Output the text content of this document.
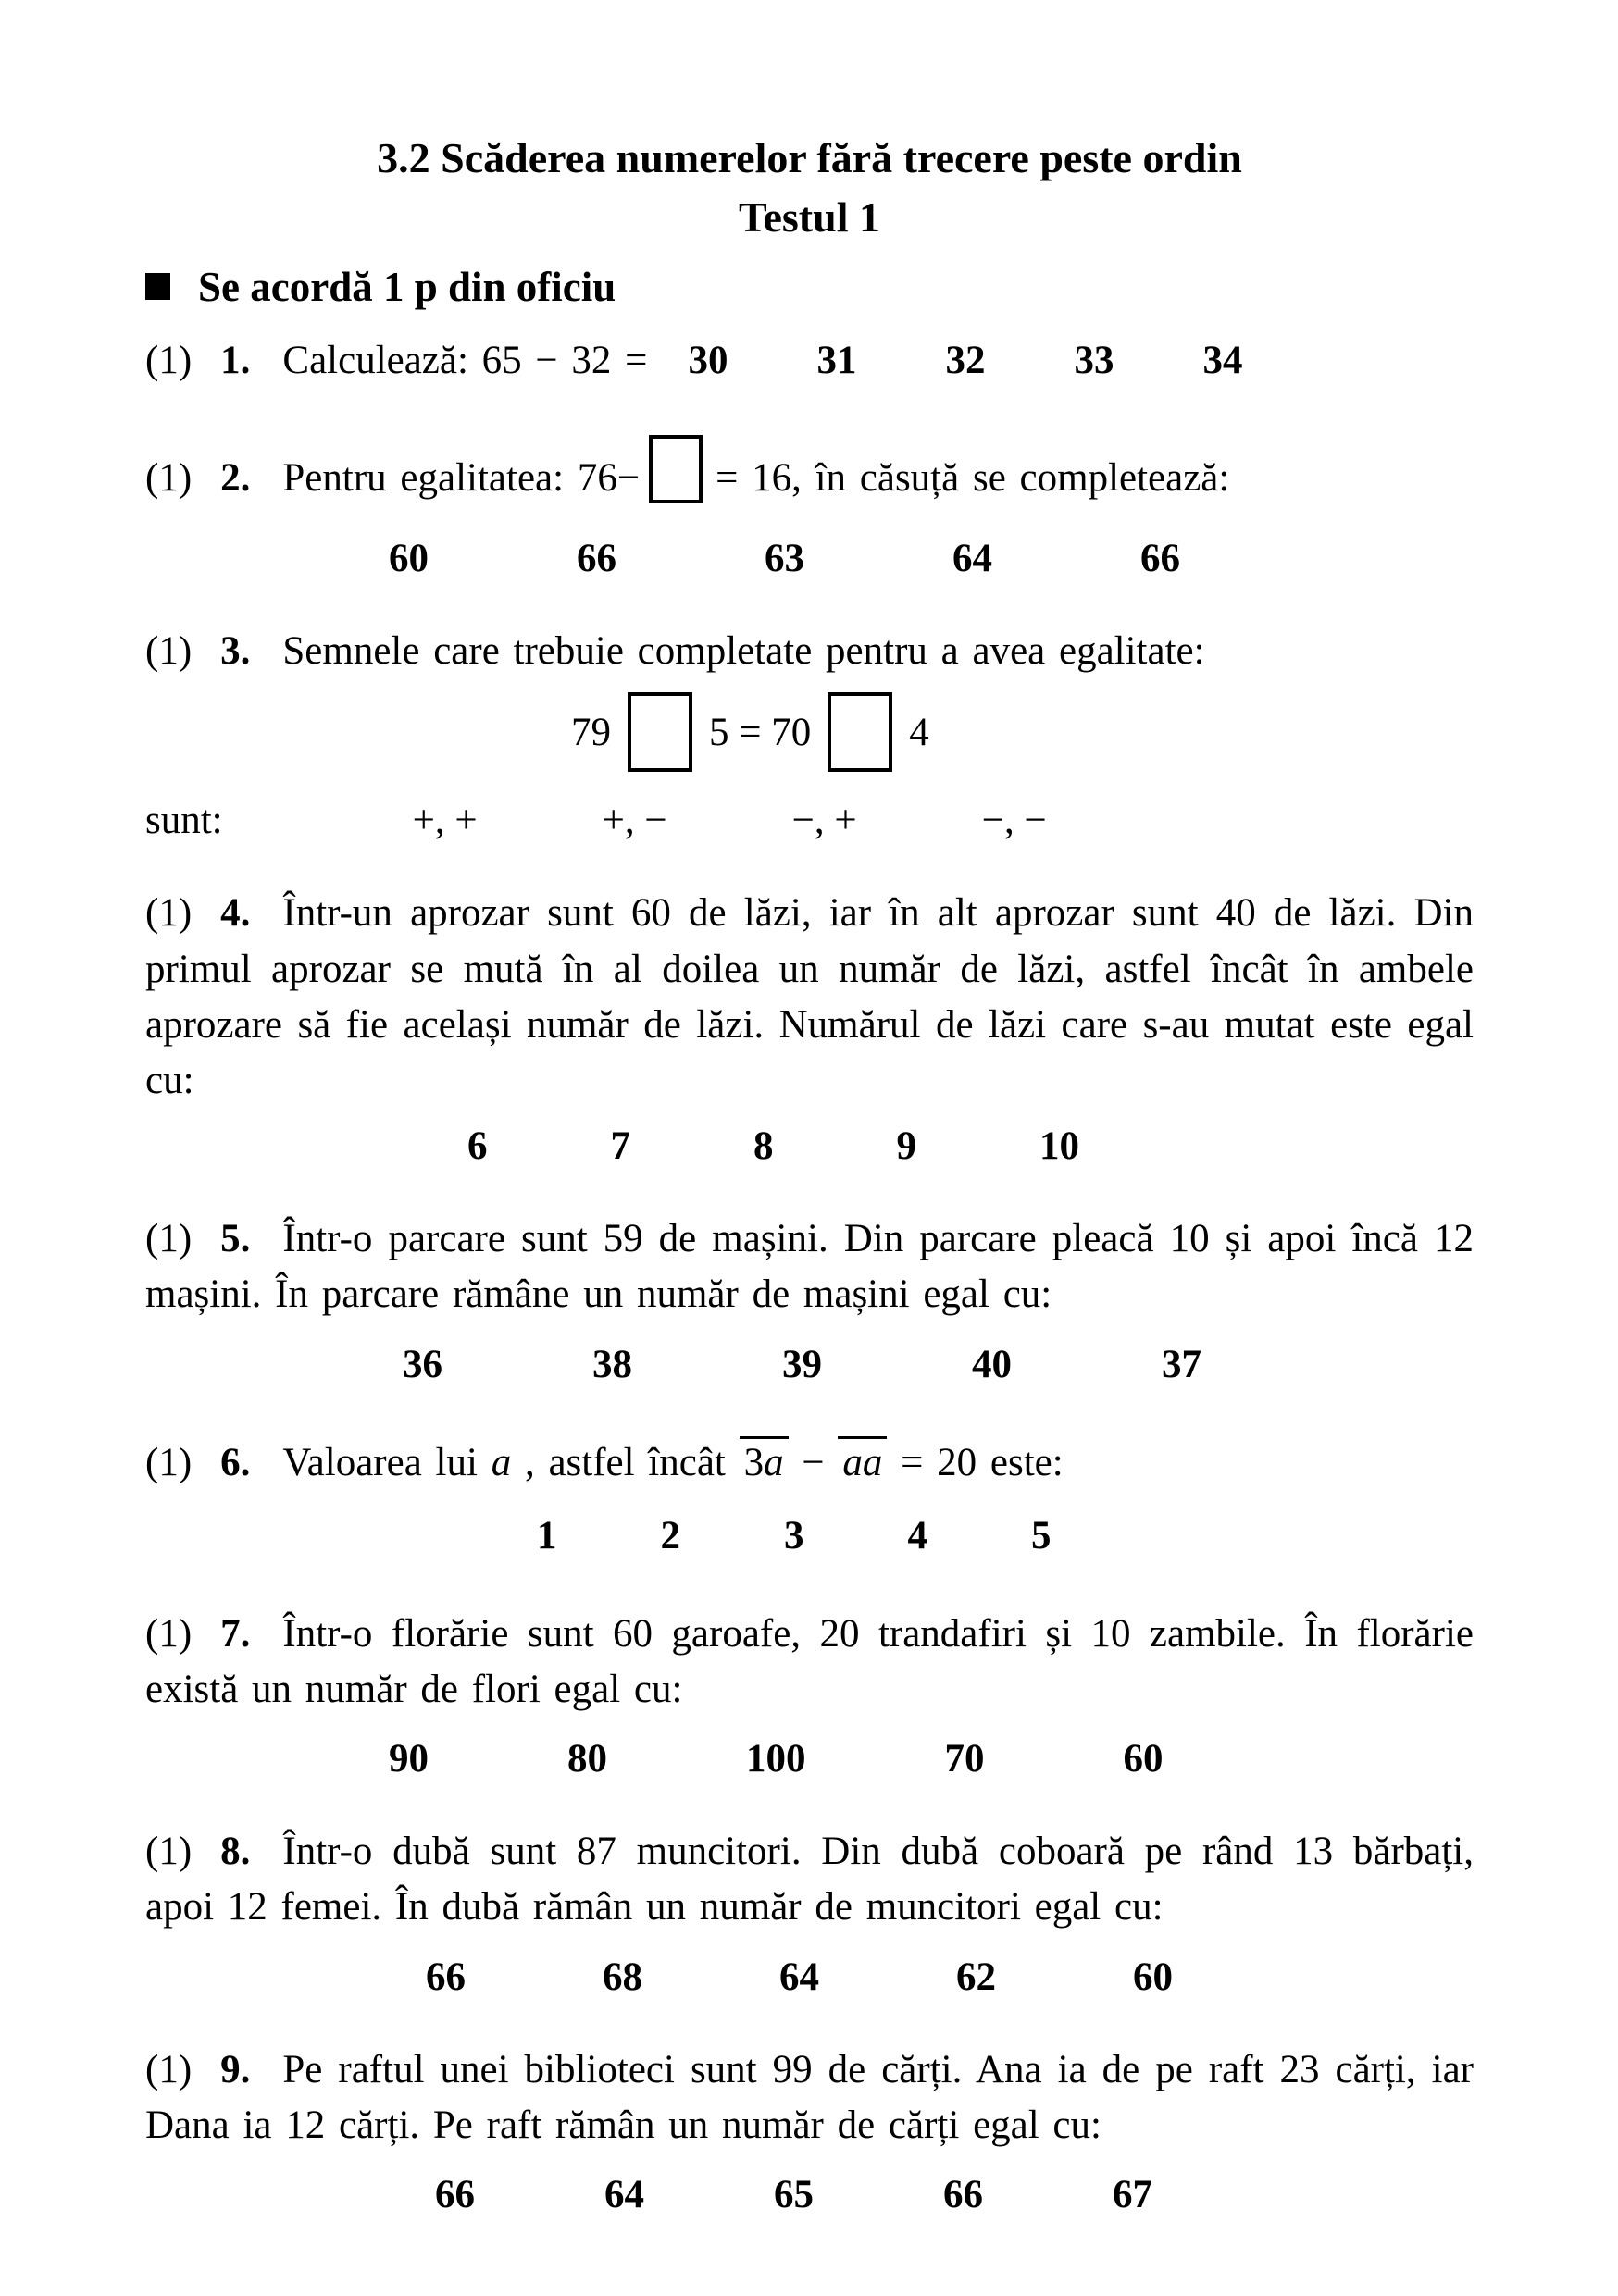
3.2 Scăderea numerelor fără trecere peste ordin

Testul 1

Se acordă 1 p din oficiu

(1) 1. Calculează: 65 − 32 = 30 31 32 33 34

(1) 2. Pentru egalitatea: 76− = 16, în căsuță se completează:

60	66	63	64	66

(1) 3. Semnele care trebuie completate pentru a avea egalitate:

79 5 = 70 4
sunt:	+, +	+, −	−, +	−, −

(1) 4. Într-un aprozar sunt 60 de lăzi, iar în alt aprozar sunt 40 de lăzi. Din primul aprozar se mută în al doilea un număr de lăzi, astfel încât în ambele aprozare să fie același număr de lăzi. Numărul de lăzi care s-au mutat este egal cu:

6	7	8	9	10

(1) 5. Într-o parcare sunt 59 de mașini. Din parcare pleacă 10 și apoi încă 12 mașini. În parcare rămâne un număr de mașini egal cu:

36	38	39	40	37

(1) 6. Valoarea lui a , astfel încât 3a − aa = 20 este:

1	2	3	4	5

(1) 7. Într-o florărie sunt 60 garoafe, 20 trandafiri și 10 zambile. În florărie există un număr de flori egal cu:

90	80	100	70	60

(1) 8. Într-o dubă sunt 87 muncitori. Din dubă coboară pe rând 13 bărbați, apoi 12 femei. În dubă rămân un număr de muncitori egal cu:

66	68	64	62	60

(1) 9. Pe raftul unei biblioteci sunt 99 de cărți. Ana ia de pe raft 23 cărți, iar Dana ia 12 cărți. Pe raft rămân un număr de cărți egal cu:

66	64	65	66	67
